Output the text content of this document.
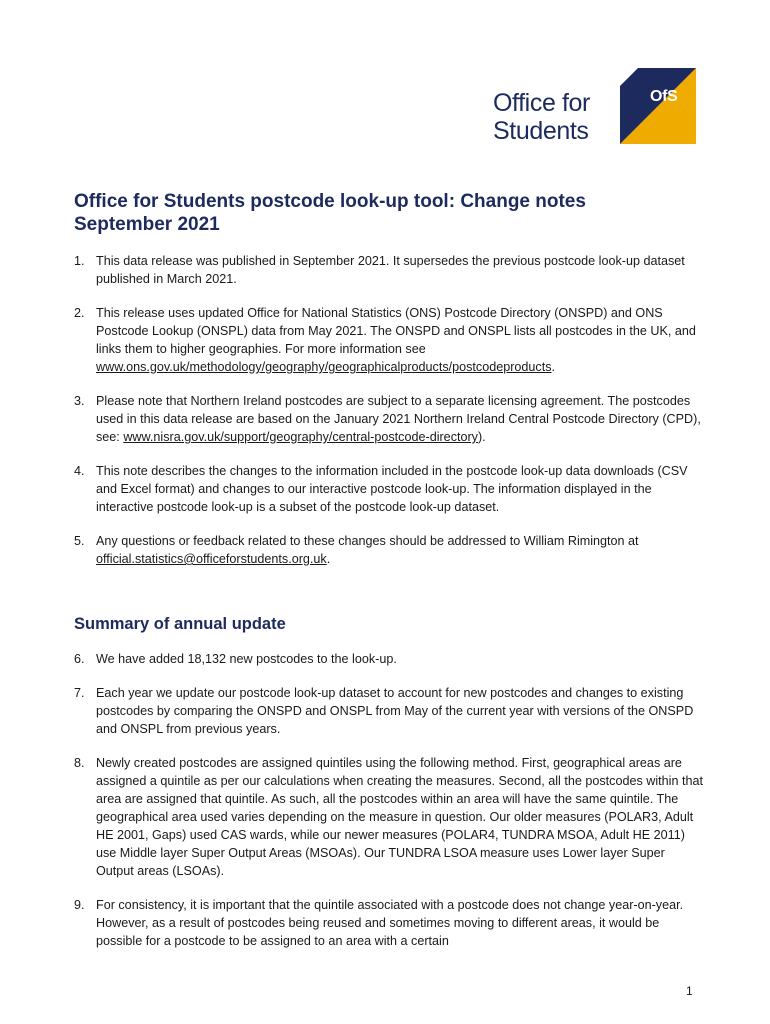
Office for
Students
OfS
Office for Students postcode look-up tool: Change notes
September 2021
1. This data release was published in September 2021. It supersedes the previous postcode look-up dataset published in March 2021.
2. This release uses updated Office for National Statistics (ONS) Postcode Directory (ONSPD) and ONS Postcode Lookup (ONSPL) data from May 2021. The ONSPD and ONSPL lists all postcodes in the UK, and links them to higher geographies. For more information see www.ons.gov.uk/methodology/geography/geographicalproducts/postcodeproducts.
3. Please note that Northern Ireland postcodes are subject to a separate licensing agreement. The postcodes used in this data release are based on the January 2021 Northern Ireland Central Postcode Directory (CPD), see: www.nisra.gov.uk/support/geography/central-postcode-directory).
4. This note describes the changes to the information included in the postcode look-up data downloads (CSV and Excel format) and changes to our interactive postcode look-up. The information displayed in the interactive postcode look-up is a subset of the postcode look-up dataset.
5. Any questions or feedback related to these changes should be addressed to William Rimington at official.statistics@officeforstudents.org.uk.
Summary of annual update
6. We have added 18,132 new postcodes to the look-up.
7. Each year we update our postcode look-up dataset to account for new postcodes and changes to existing postcodes by comparing the ONSPD and ONSPL from May of the current year with versions of the ONSPD and ONSPL from previous years.
8. Newly created postcodes are assigned quintiles using the following method. First, geographical areas are assigned a quintile as per our calculations when creating the measures. Second, all the postcodes within that area are assigned that quintile. As such, all the postcodes within an area will have the same quintile. The geographical area used varies depending on the measure in question. Our older measures (POLAR3, Adult HE 2001, Gaps) used CAS wards, while our newer measures (POLAR4, TUNDRA MSOA, Adult HE 2011) use Middle layer Super Output Areas (MSOAs). Our TUNDRA LSOA measure uses Lower layer Super Output areas (LSOAs).
9. For consistency, it is important that the quintile associated with a postcode does not change year-on-year. However, as a result of postcodes being reused and sometimes moving to different areas, it would be possible for a postcode to be assigned to an area with a certain
1
